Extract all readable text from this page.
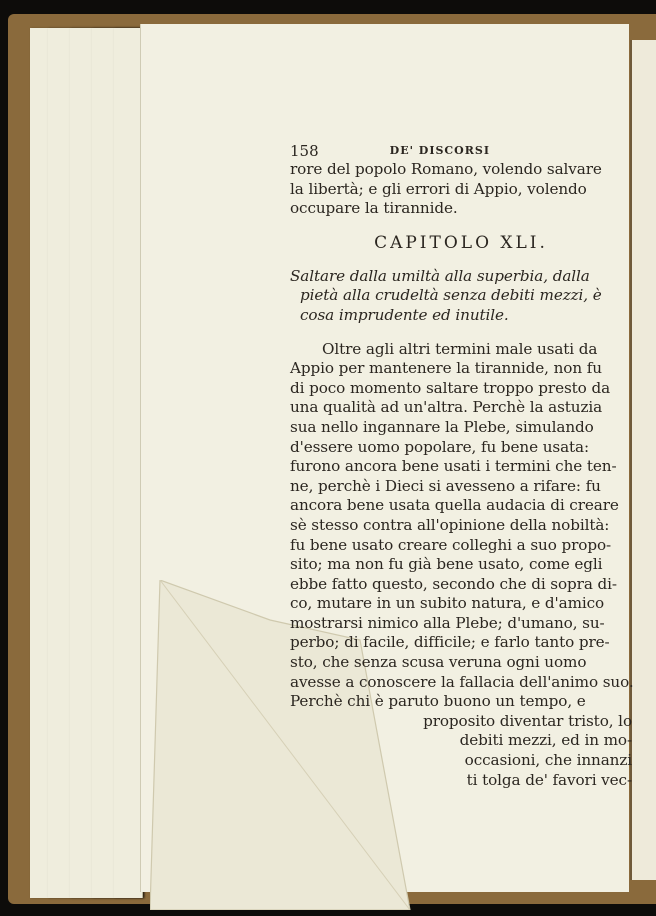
158	DE' DISCORSI
rore del popolo Romano, volendo salvare
la libertà; e gli errori di Appio, volendo
occupare la tirannide.
CAPITOLO XLI.
Saltare dalla umiltà alla superbia, dalla
pietà alla crudeltà senza debiti mezzi, è
cosa imprudente ed inutile.
Oltre agli altri termini male usati da
Appio per mantenere la tirannide, non fu
di poco momento saltare troppo presto da
una qualità ad un'altra. Perchè la astuzia
sua nello ingannare la Plebe, simulando
d'essere uomo popolare, fu bene usata:
furono ancora bene usati i termini che ten-
ne, perchè i Dieci si avesseno a rifare: fu
ancora bene usata quella audacia di creare
sè stesso contra all'opinione della nobiltà:
fu bene usato creare colleghi a suo propo-
sito; ma non fu già bene usato, come egli
ebbe fatto questo, secondo che di sopra di-
co, mutare in un subito natura, e d'amico
mostrarsi nimico alla Plebe; d'umano, su-
perbo; di facile, difficile; e farlo tanto pre-
sto, che senza scusa veruna ogni uomo
avesse a conoscere la fallacia dell'animo suo.
Perchè chi è paruto buono un tempo, e
proposito diventar tristo, lo
debiti mezzi, ed in mo-
occasioni, che innanzi
ti tolga de' favori vec-
